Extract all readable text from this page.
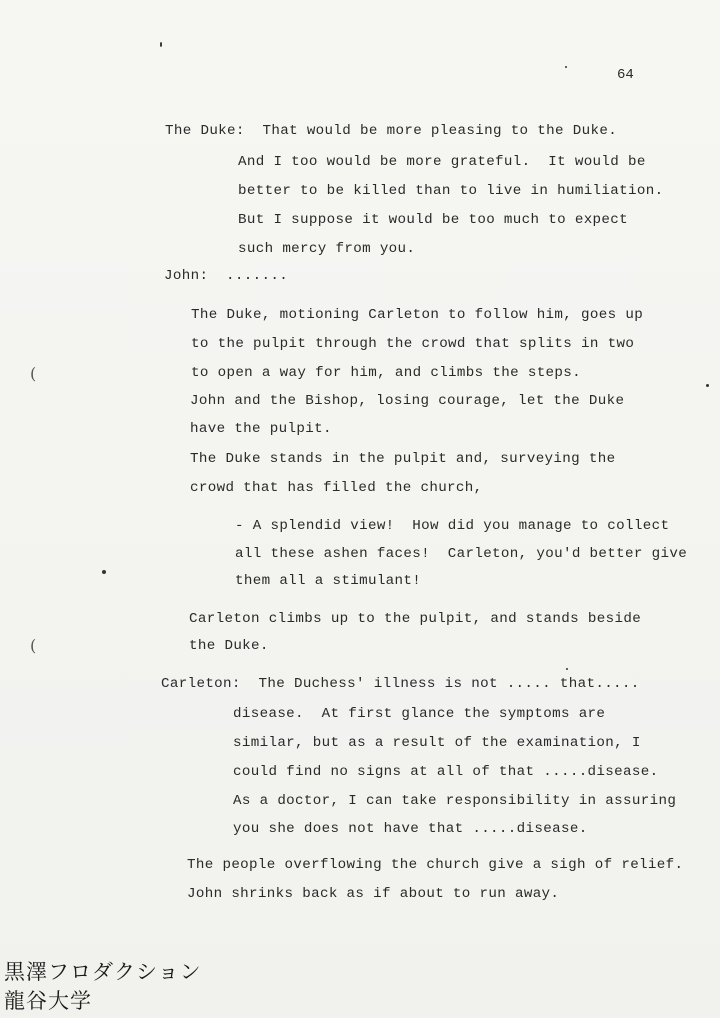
64
The Duke:  That would be more pleasing to the Duke.
And I too would be more grateful.  It would be
better to be killed than to live in humiliation.
But I suppose it would be too much to expect
such mercy from you.
John:  .......
The Duke, motioning Carleton to follow him, goes up
to the pulpit through the crowd that splits in two
to open a way for him, and climbs the steps.
John and the Bishop, losing courage, let the Duke
have the pulpit.
The Duke stands in the pulpit and, surveying the
crowd that has filled the church,
- A splendid view!  How did you manage to collect
all these ashen faces!  Carleton, you'd better give
them all a stimulant!
Carleton climbs up to the pulpit, and stands beside
the Duke.
Carleton:  The Duchess' illness is not ..... that.....
disease.  At first glance the symptoms are
similar, but as a result of the examination, I
could find no signs at all of that .....disease.
As a doctor, I can take responsibility in assuring
you she does not have that .....disease.
The people overflowing the church give a sigh of relief.
John shrinks back as if about to run away.
(
(
黒澤フロダクション
龍谷大学
